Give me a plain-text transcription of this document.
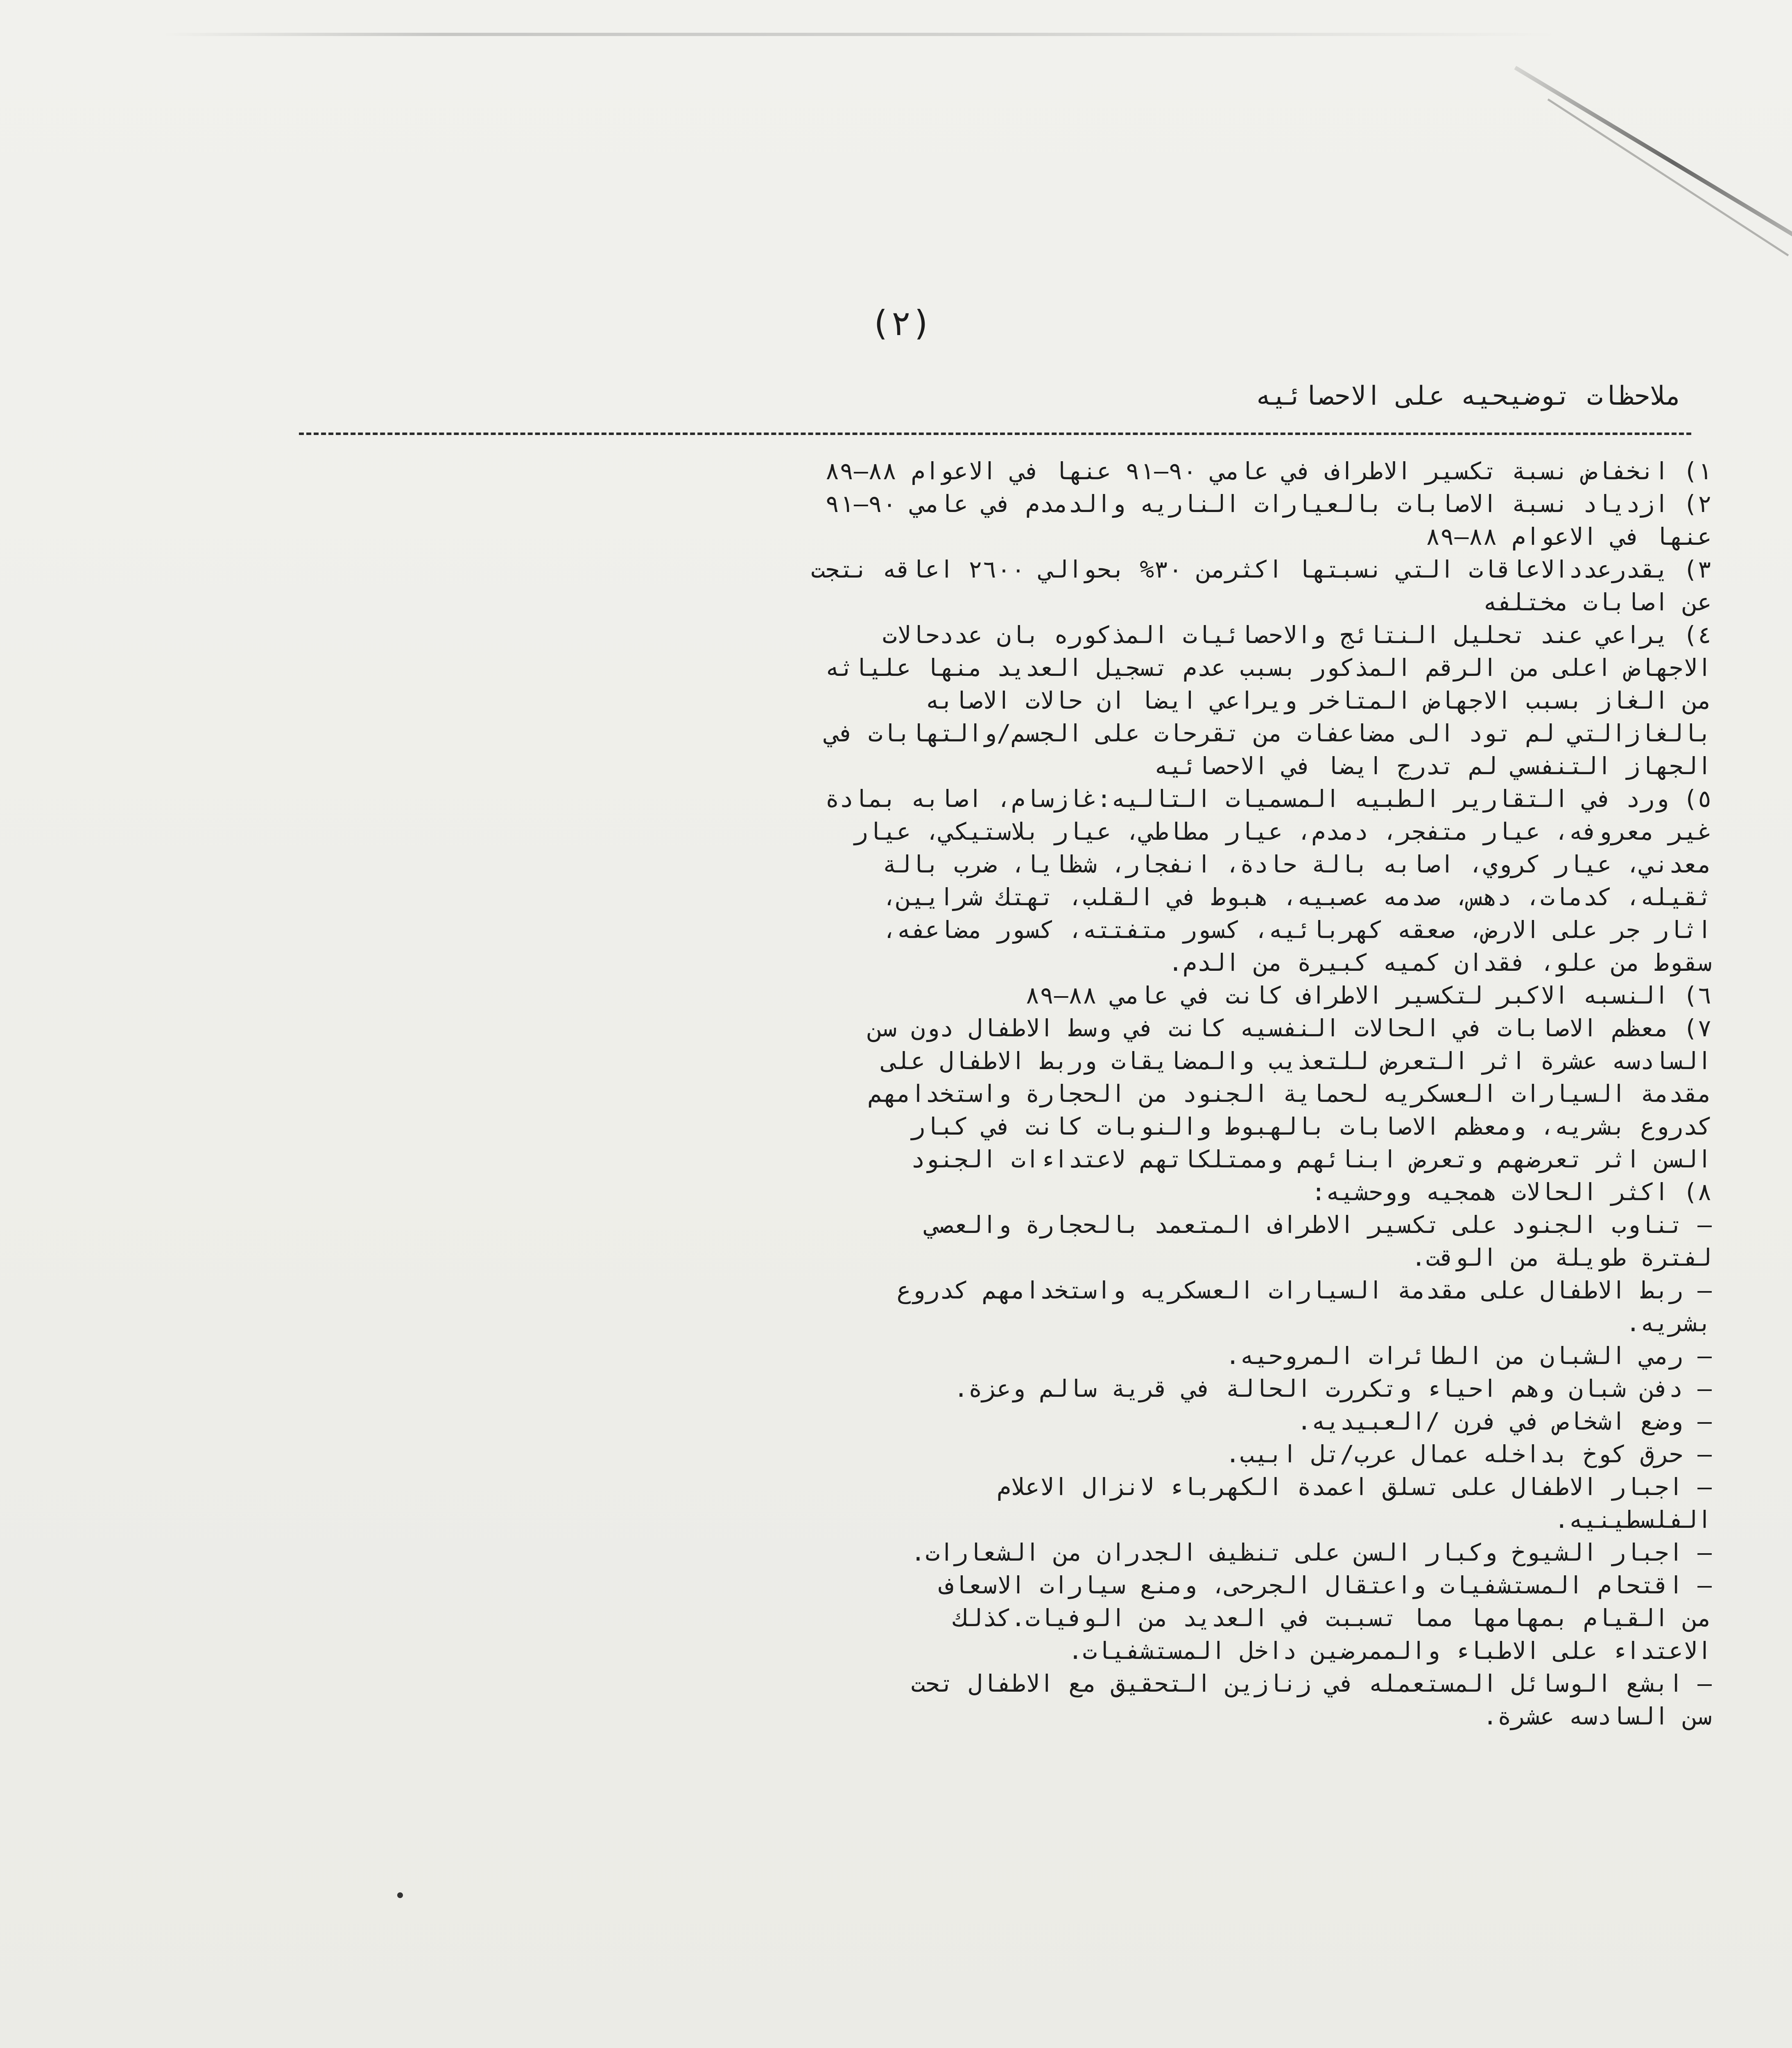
(٢)
ملاحظات توضيحيه على الاحصائيه
١) انخفاض نسبة تكسير الاطراف في عامي ٩٠—٩١ عنها في الاعوام ٨٨—٨٩
٢) ازدياد نسبة الاصابات بالعيارات الناريه والدمدم في عامي ٩٠—٩١
عنها في الاعوام ٨٨—٨٩
٣) يقدرعددالاعاقات التي نسبتها اكثرمن ٣٠% بحوالي ٢٦٠٠ اعاقه نتجت
عن اصابات مختلفه
٤) يراعي عند تحليل النتائج والاحصائيات المذكوره بان عددحالات
الاجهاض اعلى من الرقم المذكور بسبب عدم تسجيل العديد منها علياثه
من الغاز بسبب الاجهاض المتاخر ويراعي ايضا ان حالات الاصابه
بالغازالتي لم تود الى مضاعفات من تقرحات على الجسم/والتهابات في
الجهاز التنفسي لم تدرج ايضا في الاحصائيه
٥) ورد في التقارير الطبيه المسميات التاليه:غازسام، اصابه بمادة
غير معروفه، عيار متفجر، دمدم، عيار مطاطي، عيار بلاستيكي، عيار
معدني، عيار كروي، اصابه بالة حادة، انفجار، شظايا، ضرب بالة
ثقيله، كدمات، دهس، صدمه عصبيه، هبوط في القلب، تهتك شرايين،
اثار جر على الارض، صعقه كهربائيه، كسور متفتته، كسور مضاعفه،
سقوط من علو، فقدان كميه كبيرة من الدم.
٦) النسبه الاكبر لتكسير الاطراف كانت في عامي ٨٨—٨٩
٧) معظم الاصابات في الحالات النفسيه كانت في وسط الاطفال دون سن
السادسه عشرة اثر التعرض للتعذيب والمضايقات وربط الاطفال على
مقدمة السيارات العسكريه لحماية الجنود من الحجارة واستخدامهم
كدروع بشريه، ومعظم الاصابات بالهبوط والنوبات كانت في كبار
السن اثر تعرضهم وتعرض ابنائهم وممتلكاتهم لاعتداءات الجنود
٨) اكثر الحالات همجيه ووحشيه:
– تناوب الجنود على تكسير الاطراف المتعمد بالحجارة والعصي
لفترة طويلة من الوقت.
– ربط الاطفال على مقدمة السيارات العسكريه واستخدامهم كدروع
بشريه.
– رمي الشبان من الطائرات المروحيه.
– دفن شبان وهم احياء وتكررت الحالة في قرية سالم وعزة.
– وضع اشخاص في فرن /العبيديه.
– حرق كوخ بداخله عمال عرب/تل ابيب.
– اجبار الاطفال على تسلق اعمدة الكهرباء لانزال الاعلام
الفلسطينيه.
– اجبار الشيوخ وكبار السن على تنظيف الجدران من الشعارات.
– اقتحام المستشفيات واعتقال الجرحى، ومنع سيارات الاسعاف
من القيام بمهامها مما تسببت في العديد من الوفيات.كذلك
الاعتداء على الاطباء والممرضين داخل المستشفيات.
– ابشع الوسائل المستعمله في زنازين التحقيق مع الاطفال تحت
سن السادسه عشرة.
